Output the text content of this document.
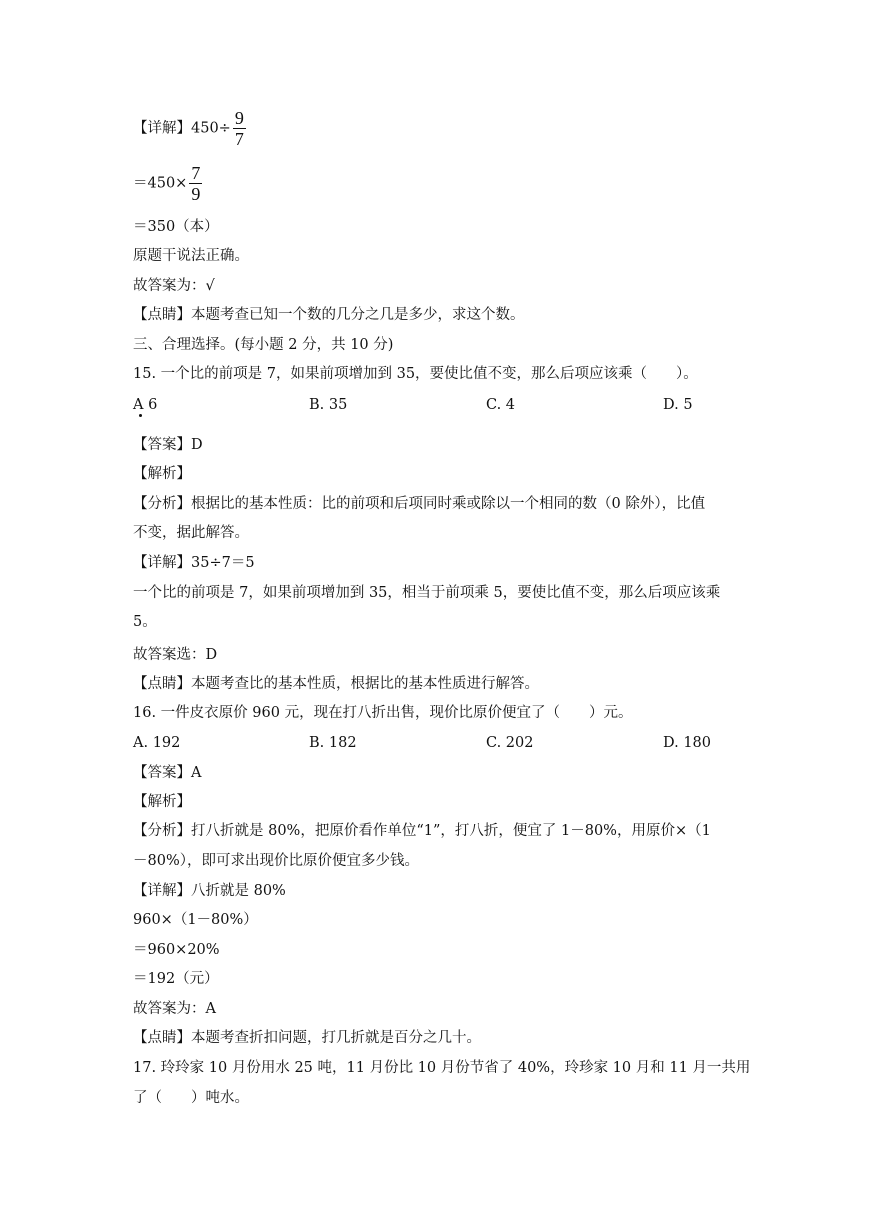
【详解】$450\div \frac{9}{7}$
$=450\times \frac{7}{9}$
＝350（本）
原题干说法正确。
故答案为：√
【点睛】本题考查已知一个数的几分之几是多少，求这个数。
三、合理选择。(每小题 2 分，共 10 分)
15. 一个比的前项是 7，如果前项增加到 35，要使比值不变，那么后项应该乘（　　）。
A 6	B. 35	C. 4	D. 5
【答案】D
【解析】
【分析】根据比的基本性质：比的前项和后项同时乘或除以一个相同的数（0 除外），比值
不变，据此解答。
【详解】35÷7＝5
一个比的前项是 7，如果前项增加到 35，相当于前项乘 5，要使比值不变，那么后项应该乘
5。
故答案选：D
【点睛】本题考查比的基本性质，根据比的基本性质进行解答。
16. 一件皮衣原价 960 元，现在打八折出售，现价比原价便宜了（　　）元。
A. 192	B. 182	C. 202	D. 180
【答案】A
【解析】
【分析】打八折就是 80%，把原价看作单位“1”，打八折，便宜了 1－80%，用原价×（1
－80%），即可求出现价比原价便宜多少钱。
【详解】八折就是 80%
960×（1－80%）
＝960×20%
＝192（元）
故答案为：A
【点睛】本题考查折扣问题，打几折就是百分之几十。
17. 玲玲家 10 月份用水 25 吨，11 月份比 10 月份节省了 40%，玲珍家 10 月和 11 月一共用
了（　　）吨水。
